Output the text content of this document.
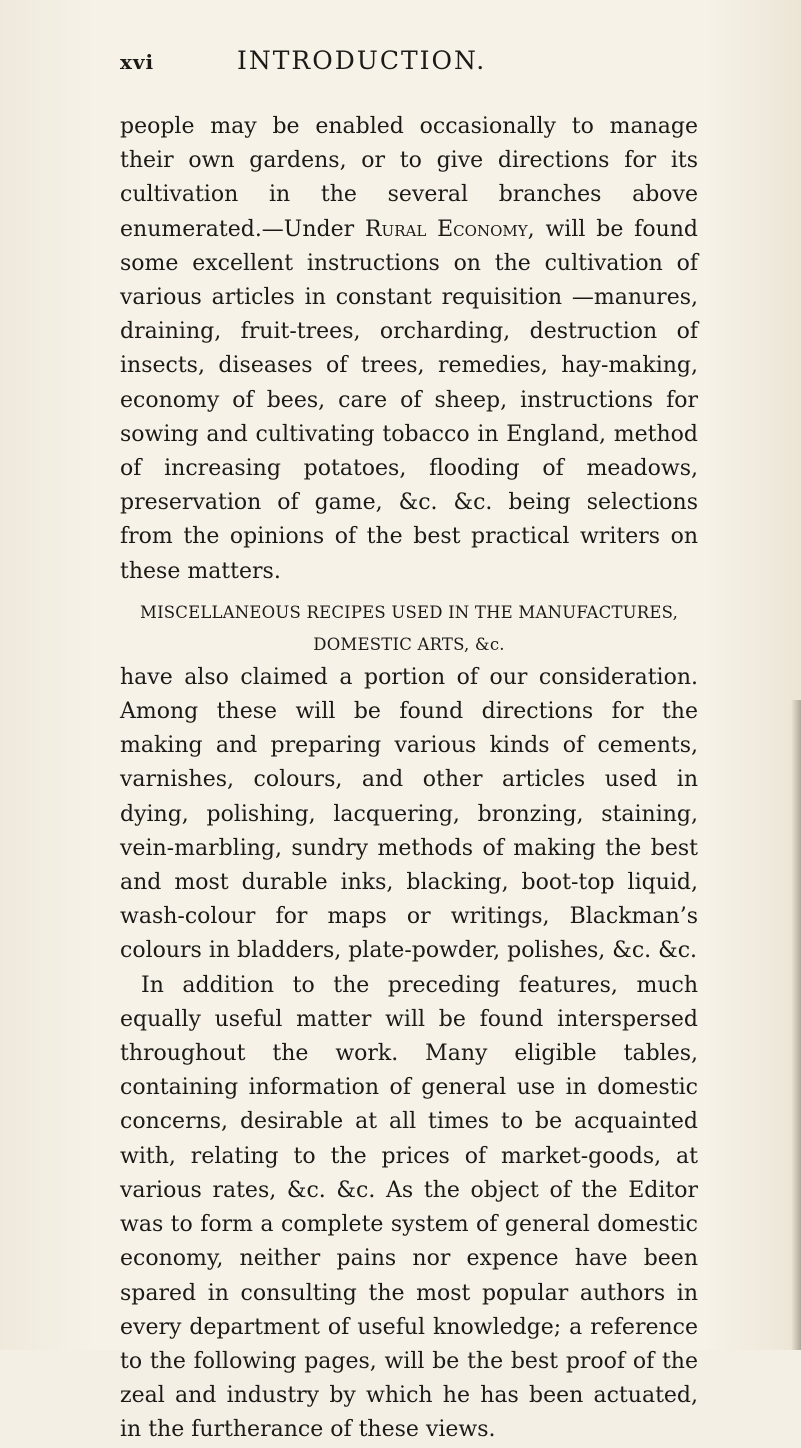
xvi	INTRODUCTION.

people may be enabled occasionally to manage their own gardens, or to give directions for its cultivation in the several branches above enumerated.—Under Rural Economy, will be found some excellent instructions on the cultivation of various articles in constant requisition —manures, draining, fruit-trees, orcharding, destruction of insects, diseases of trees, remedies, hay-making, economy of bees, care of sheep, instructions for sowing and cultivating tobacco in England, method of increasing potatoes, flooding of meadows, preservation of game, &c. &c. being selections from the opinions of the best practical writers on these matters.

MISCELLANEOUS RECIPES USED IN THE MANUFACTURES,
DOMESTIC ARTS, &c.

have also claimed a portion of our consideration. Among these will be found directions for the making and preparing various kinds of cements, varnishes, colours, and other articles used in dying, polishing, lacquering, bronzing, staining, vein-marbling, sundry methods of making the best and most durable inks, blacking, boot-top liquid, wash-colour for maps or writings, Blackman’s colours in bladders, plate-powder, polishes, &c. &c.

In addition to the preceding features, much equally useful matter will be found interspersed throughout the work. Many eligible tables, containing information of general use in domestic concerns, desirable at all times to be acquainted with, relating to the prices of market-goods, at various rates, &c. &c. As the object of the Editor was to form a complete system of general domestic economy, neither pains nor expence have been spared in consulting the most popular authors in every department of useful knowledge; a reference to the following pages, will be the best proof of the zeal and industry by which he has been actuated, in the furtherance of these views.
